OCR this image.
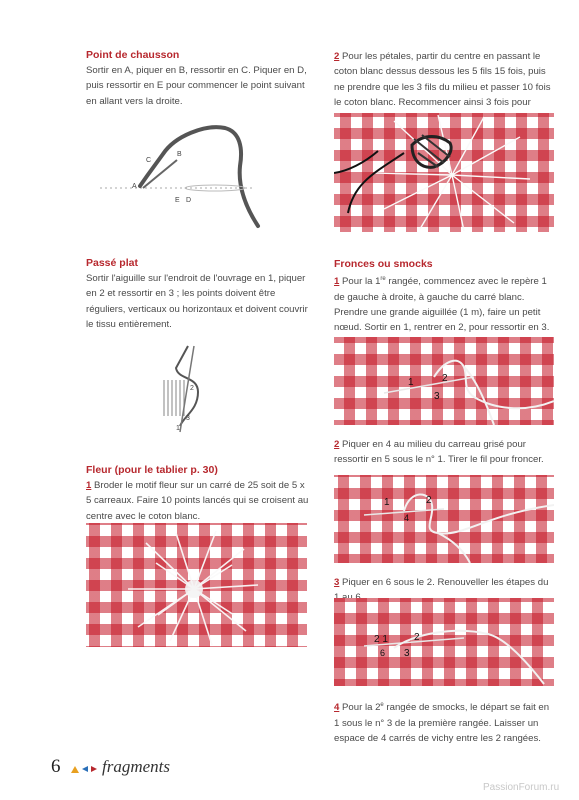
Point de chausson
Sortir en A, piquer en B, ressortir en C. Piquer en D, puis ressortir en E pour commencer le point suivant en allant vers la droite.
A
B
C
D
E
Passé plat
Sortir l'aiguille sur l'endroit de l'ouvrage en 1, piquer en 2 et ressortir en 3 ; les points doivent être réguliers, verticaux ou horizontaux et doivent couvrir le tissu entièrement.
1
2
3
Fleur (pour le tablier p. 30)
1 Broder le motif fleur sur un carré de 25 soit de 5 x 5 carreaux. Faire 10 points lancés qui se croisent au centre avec le coton blanc.
2 Pour les pétales, partir du centre en passant le coton blanc dessus dessous les 5 fils 15 fois, puis ne prendre que les 3 fils du milieu et passer 10 fois le coton blanc. Recommencer ainsi 3 fois pour
Fronces ou smocks
1 Pour la 1re rangée, commencez avec le repère 1 de gauche à droite, à gauche du carré blanc. Prendre une grande aiguillée (1 m), faire un petit nœud. Sortir en 1, rentrer en 2, pour ressortir en 3.
1	2
3
2 Piquer en 4 au milieu du carreau grisé pour ressortir en 5 sous le n° 1. Tirer le fil pour froncer.
1	2
4
3 Piquer en 6 sous le 2. Renouveller les étapes du
2 1	2
3
6
4 Pour la 2e rangée de smocks, le départ se fait en 1 sous le n° 3 de la première rangée. Laisser un espace de 4 carrés de vichy entre les 2 rangées.
6 fragments
PassionForum.ru
